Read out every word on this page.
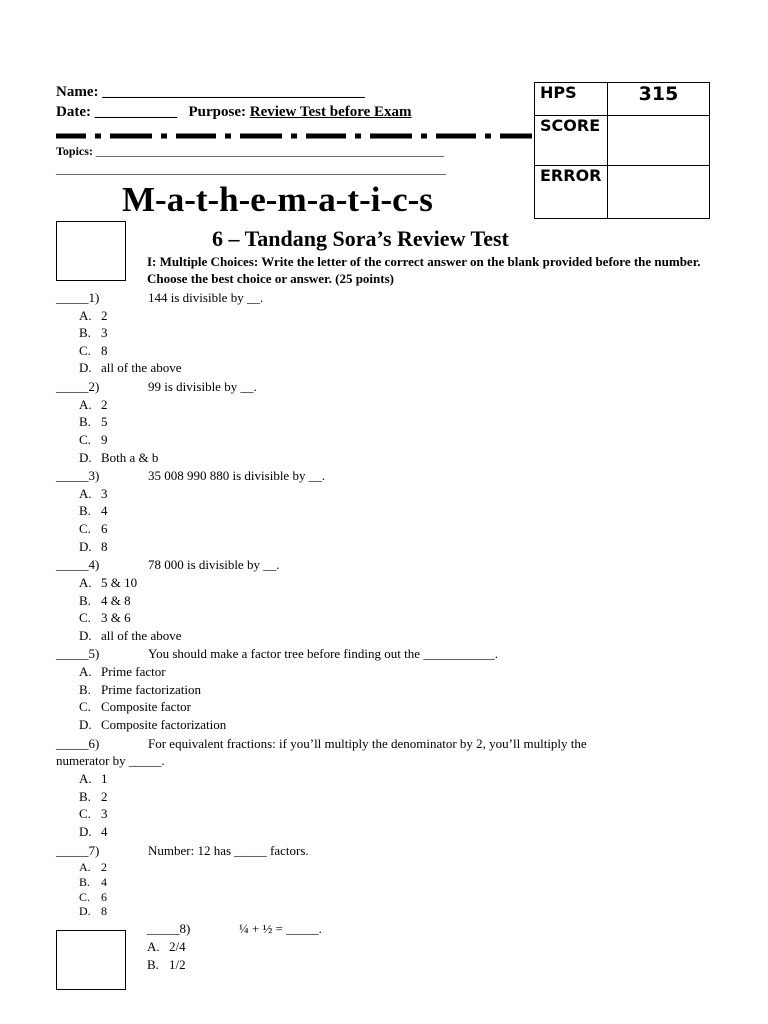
Name: ___________________________________
Date: ___________ Purpose: Review Test before Exam
Topics: __________________________________________________________
_________________________________________________________________
HPS	315
SCORE	
ERROR	
M-a-t-h-e-m-a-t-i-c-s
6 – Tandang Sora’s Review Test
I: Multiple Choices: Write the letter of the correct answer on the blank provided before the number. Choose the best choice or answer. (25 points)
_____1)	144 is divisible by __.
A. 2
B. 3
C. 8
D. all of the above
_____2)	99 is divisible by __.
A. 2
B. 5
C. 9
D. Both a & b
_____3)	35 008 990 880 is divisible by __.
A. 3
B. 4
C. 6
D. 8
_____4)	78 000 is divisible by __.
A. 5 & 10
B. 4 & 8
C. 3 & 6
D. all of the above
_____5)	You should make a factor tree before finding out the ___________.
A. Prime factor
B. Prime factorization
C. Composite factor
D. Composite factorization
_____6)	For equivalent fractions: if you’ll multiply the denominator by 2, you’ll multiply the
numerator by _____.
A. 1
B. 2
C. 3
D. 4
_____7)	Number: 12 has _____ factors.
A. 2
B. 4
C. 6
D. 8
_____8)	¼ + ½ = _____.
A. 2/4
B. 1/2
